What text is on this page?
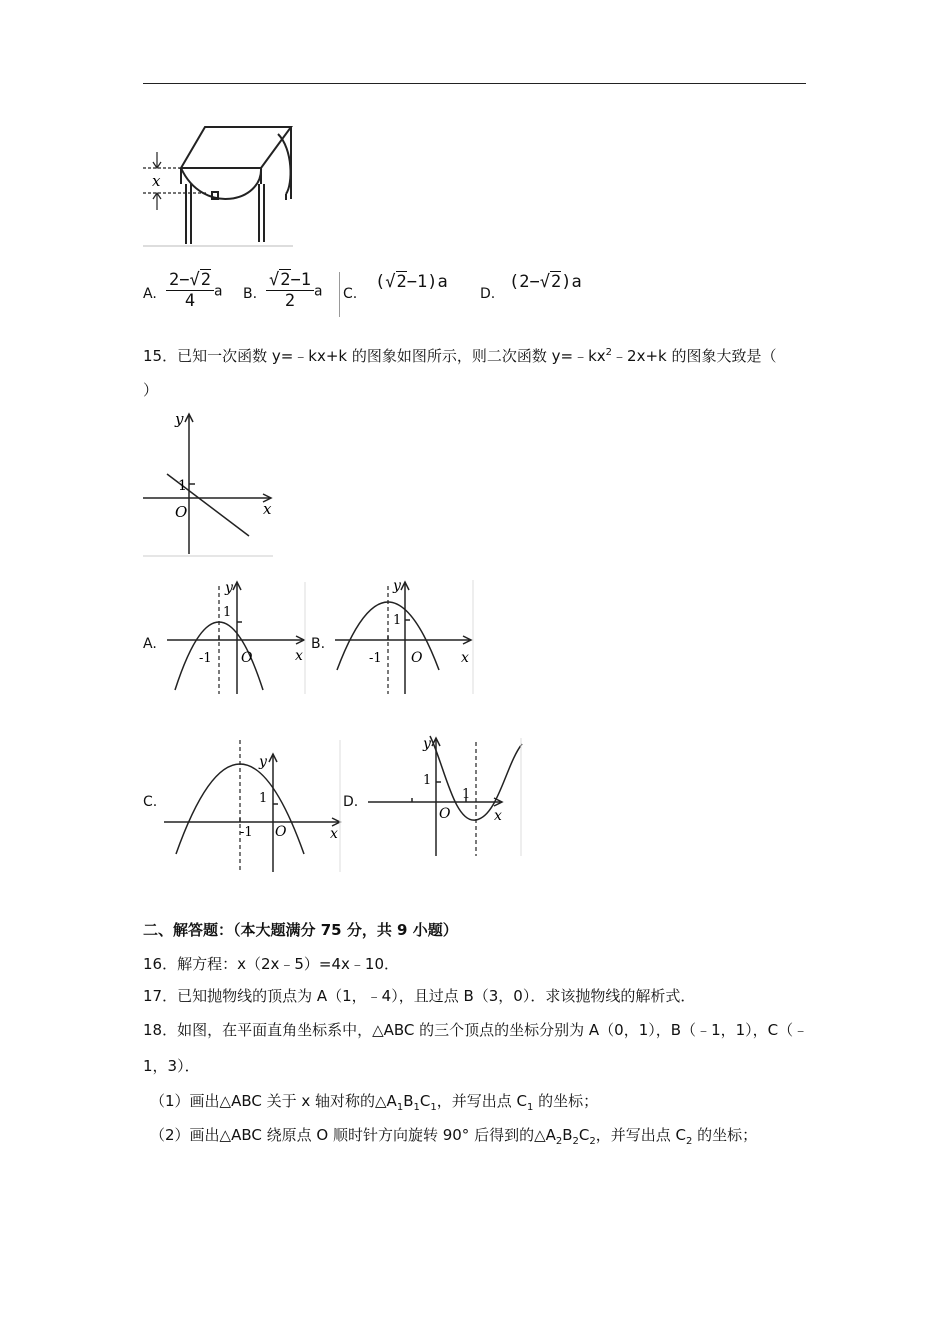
x
A. $\frac{2-√2}{4}$ a B. $\frac{√2-1}{2}$ a C.
(√2−1)a
D.
(2−√2)a
15．已知一次函数 y=﹣kx+k 的图象如图所示，则二次函数 $y=﹣kx^2﹣2x+k$ 的图象大致是（
）
y
x
1
O
A.
y
x
1
-1 O
B.
y
x
1
-1 O
C.
y
x
1
-1 O
D.
y
x
1
1
O
二、解答题：（本大题满分 75 分，共 9 小题）
16．解方程：x（2x﹣5）=4x﹣10．
17．已知抛物线的顶点为 A（1，﹣4），且过点 B（3，0）．求该抛物线的解析式．
18．如图，在平面直角坐标系中，△ABC 的三个顶点的坐标分别为 A（0，1），B（﹣1，1），C（﹣
1，3）．
（1）画出△ABC 关于 x 轴对称的$\triangle A_1B_1C_1$，并写出点 $C_1$ 的坐标；
（2）画出△ABC 绕原点 O 顺时针方向旋转 90° 后得到的$\triangle A_2B_2C_2$，并写出点 $C_2$ 的坐标；
